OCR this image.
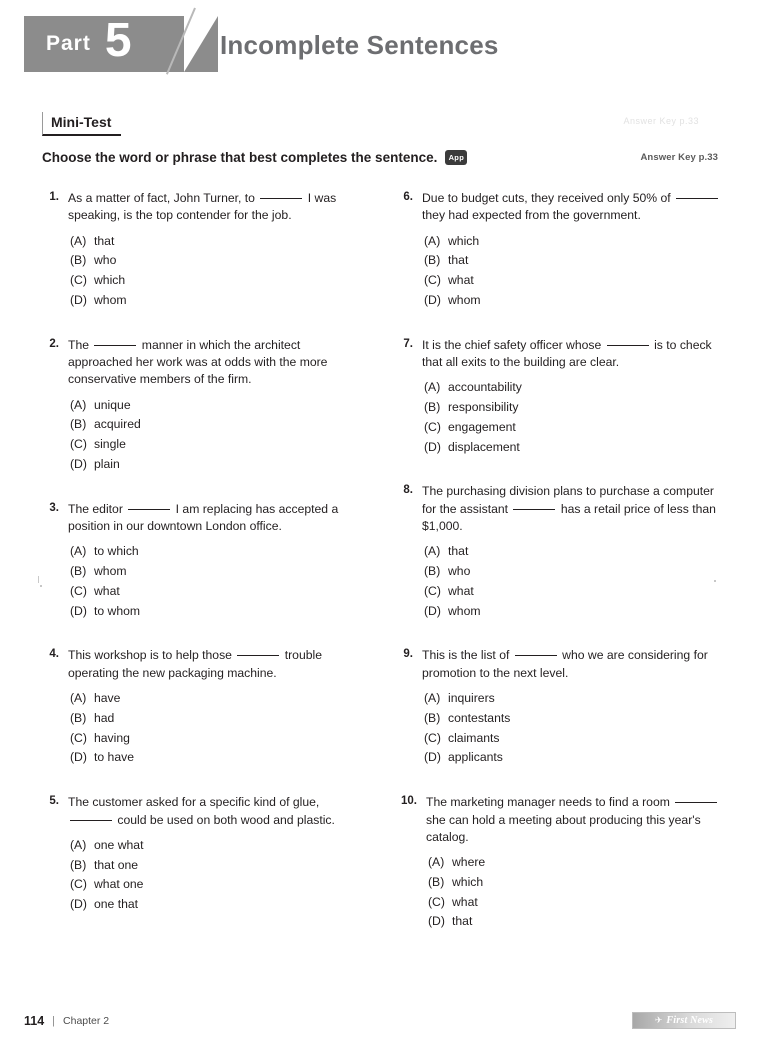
Part 5	Incomplete Sentences
Answer Key p.33
Mini-Test
Choose the word or phrase that best completes the sentence.	App	Answer Key p.33
1. As a matter of fact, John Turner, to	I was speaking, is the top contender for the job.
(A) that
(B) who
(C) which
(D) whom
2. The	manner in which the architect approached her work was at odds with the more conservative members of the firm.
(A) unique
(B) acquired
(C) single
(D) plain
3. The editor	I am replacing has accepted a position in our downtown London office.
(A) to which
(B) whom
(C) what
(D) to whom
4. This workshop is to help those	trouble operating the new packaging machine.
(A) have
(B) had
(C) having
(D) to have
5. The customer asked for a specific kind of glue,  could be used on both wood and plastic.
(A) one what
(B) that one
(C) what one
(D) one that
6. Due to budget cuts, they received only 50% of  they had expected from the government.
(A) which
(B) that
(C) what
(D) whom
7. It is the chief safety officer whose	is to check that all exits to the building are clear.
(A) accountability
(B) responsibility
(C) engagement
(D) displacement
8. The purchasing division plans to purchase a computer for the assistant	has a retail price of less than $1,000.
(A) that
(B) who
(C) what
(D) whom
9. This is the list of	who we are considering for promotion to the next level.
(A) inquirers
(B) contestants
(C) claimants
(D) applicants
10. The marketing manager needs to find a room  she can hold a meeting about producing this year's catalog.
(A) where
(B) which
(C) what
(D) that
114 | Chapter 2	✈ First News
